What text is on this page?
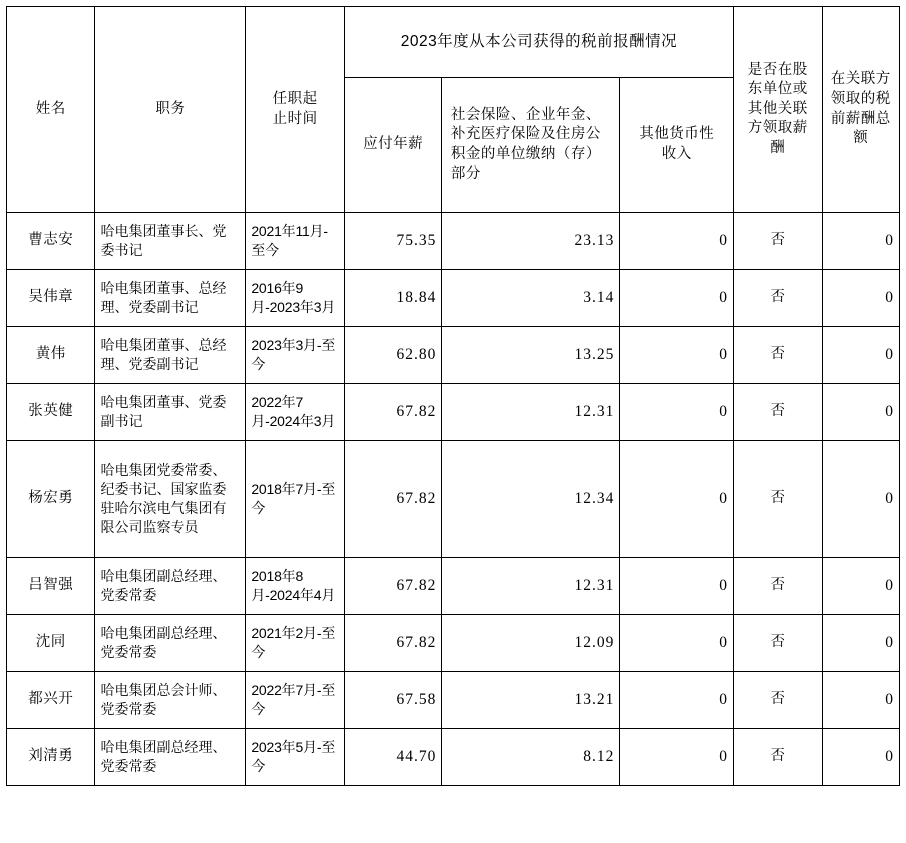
姓名	职务	任职起止时间	2023年度从本公司获得的税前报酬情况			是否在股东单位或其他关联方领取薪酬	在关联方领取的税前薪酬总额
			应付年薪	社会保险、企业年金、补充医疗保险及住房公积金的单位缴纳（存）部分	其他货币性收入		
曹志安	哈电集团董事长、党委书记	2021年11月-至今	75.35	23.13	0	否	0
吴伟章	哈电集团董事、总经理、党委副书记	2016年9月-2023年3月	18.84	3.14	0	否	0
黄伟	哈电集团董事、总经理、党委副书记	2023年3月-至今	62.80	13.25	0	否	0
张英健	哈电集团董事、党委副书记	2022年7月-2024年3月	67.82	12.31	0	否	0
杨宏勇	哈电集团党委常委、纪委书记、国家监委驻哈尔滨电气集团有限公司监察专员	2018年7月-至今	67.82	12.34	0	否	0
吕智强	哈电集团副总经理、党委常委	2018年8月-2024年4月	67.82	12.31	0	否	0
沈同	哈电集团副总经理、党委常委	2021年2月-至今	67.82	12.09	0	否	0
都兴开	哈电集团总会计师、党委常委	2022年7月-至今	67.58	13.21	0	否	0
刘清勇	哈电集团副总经理、党委常委	2023年5月-至今	44.70	8.12	0	否	0
